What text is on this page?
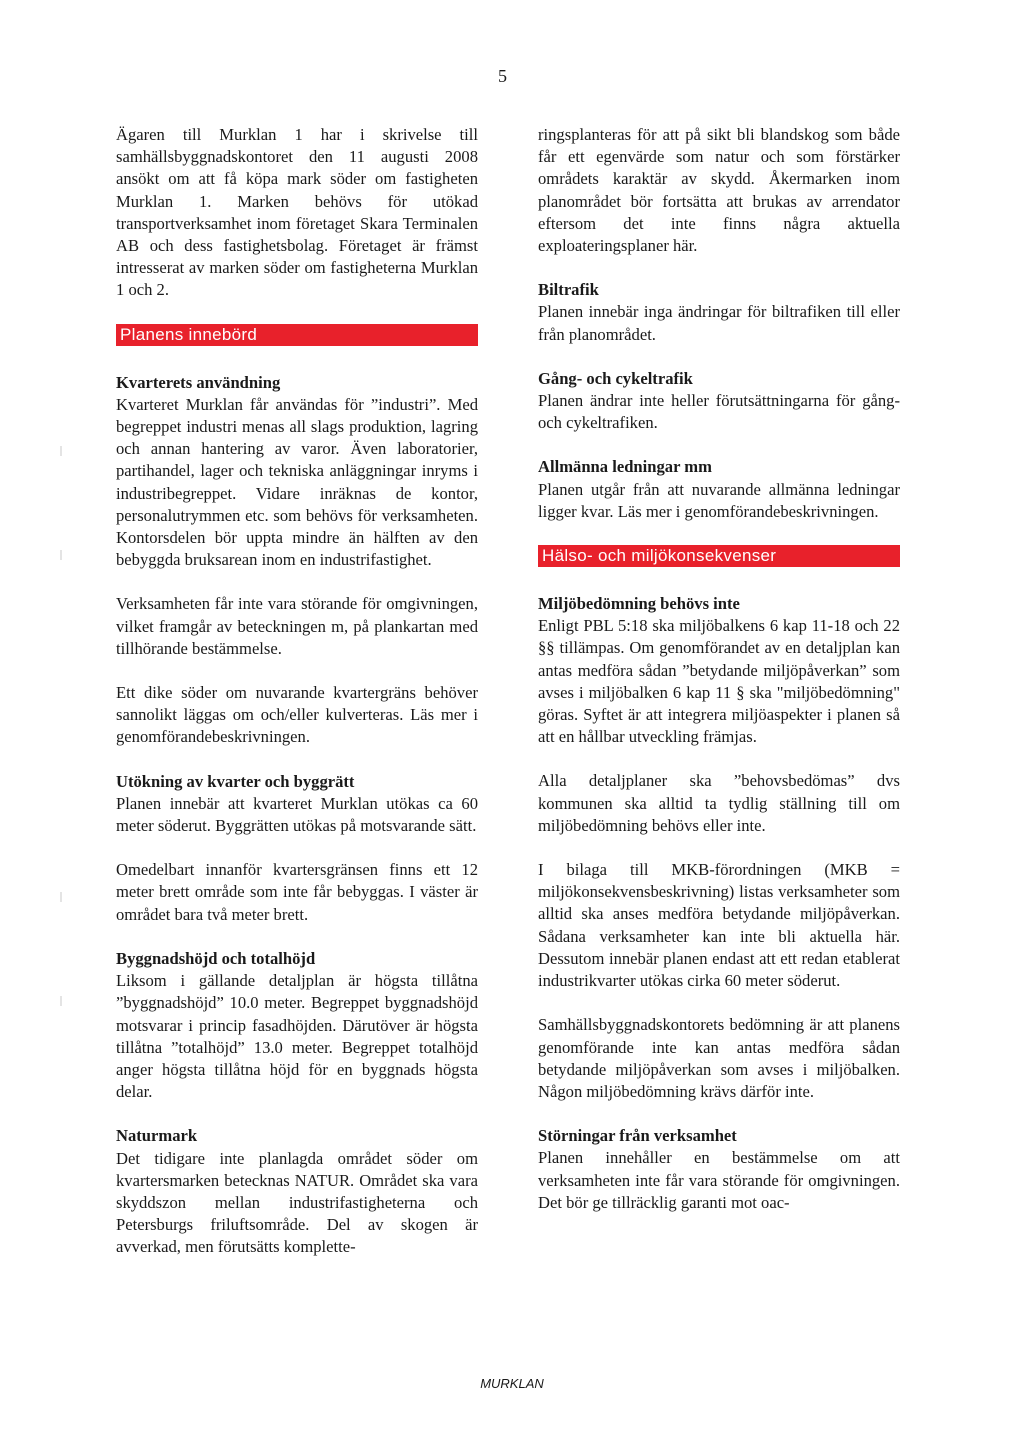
5

Ägaren till Murklan 1 har i skrivelse till samhällsbyggnadskontoret den 11 augusti 2008 ansökt om att få köpa mark söder om fastigheten Murklan 1. Marken behövs för utökad transportverksamhet inom företaget Skara Terminalen AB och dess fastighetsbolag. Företaget är främst intresserat av marken söder om fastigheterna Murklan 1 och 2.

Planens innebörd

Kvarterets användning
Kvarteret Murklan får användas för ”industri”. Med begreppet industri menas all slags produktion, lagring och annan hantering av varor. Även laboratorier, partihandel, lager och tekniska anläggningar inryms i industribegreppet. Vidare inräknas de kontor, personalutrymmen etc. som behövs för verksamheten. Kontorsdelen bör uppta mindre än hälften av den bebyggda bruksarean inom en industrifastighet.

Verksamheten får inte vara störande för omgivningen, vilket framgår av beteckningen m, på plankartan med tillhörande bestämmelse.

Ett dike söder om nuvarande kvartergräns behöver sannolikt läggas om och/eller kulverteras. Läs mer i genomförandebeskrivningen.

Utökning av kvarter och byggrätt
Planen innebär att kvarteret Murklan utökas ca 60 meter söderut. Byggrätten utökas på motsvarande sätt.

Omedelbart innanför kvartersgränsen finns ett 12 meter brett område som inte får bebyggas. I väster är området bara två meter brett.

Byggnadshöjd och totalhöjd
Liksom i gällande detaljplan är högsta tillåtna ”byggnadshöjd” 10.0 meter. Begreppet byggnadshöjd motsvarar i princip fasadhöjden. Därutöver är högsta tillåtna ”totalhöjd” 13.0 meter. Begreppet totalhöjd anger högsta tillåtna höjd för en byggnads högsta delar.

Naturmark
Det tidigare inte planlagda området söder om kvartersmarken betecknas NATUR. Området ska vara skyddszon mellan industrifastigheterna och Petersburgs friluftsområde. Del av skogen är avverkad, men förutsätts komplette-

ringsplanteras för att på sikt bli blandskog som både får ett egenvärde som natur och som förstärker områdets karaktär av skydd. Åkermarken inom planområdet bör fortsätta att brukas av arrendator eftersom det inte finns några aktuella exploateringsplaner här.

Biltrafik
Planen innebär inga ändringar för biltrafiken till eller från planområdet.

Gång- och cykeltrafik
Planen ändrar inte heller förutsättningarna för gång- och cykeltrafiken.

Allmänna ledningar mm
Planen utgår från att nuvarande allmänna ledningar ligger kvar. Läs mer i genomförandebeskrivningen.

Hälso- och miljökonsekvenser

Miljöbedömning behövs inte
Enligt PBL 5:18 ska miljöbalkens 6 kap 11-18 och 22 §§ tillämpas. Om genomförandet av en detaljplan kan antas medföra sådan ”betydande miljöpåverkan” som avses i miljöbalken 6 kap 11 § ska "miljöbedömning" göras. Syftet är att integrera miljöaspekter i planen så att en hållbar utveckling främjas.

Alla detaljplaner ska ”behovsbedömas” dvs kommunen ska alltid ta tydlig ställning till om miljöbedömning behövs eller inte.

I bilaga till MKB-förordningen (MKB = miljökonsekvensbeskrivning) listas verksamheter som alltid ska anses medföra betydande miljöpåverkan. Sådana verksamheter kan inte bli aktuella här. Dessutom innebär planen endast att ett redan etablerat industrikvarter utökas cirka 60 meter söderut.

Samhällsbyggnadskontorets bedömning är att planens genomförande inte kan antas medföra sådan betydande miljöpåverkan som avses i miljöbalken. Någon miljöbedömning krävs därför inte.

Störningar från verksamhet
Planen innehåller en bestämmelse om att verksamheten inte får vara störande för omgivningen. Det bör ge tillräcklig garanti mot oac-

MURKLAN
